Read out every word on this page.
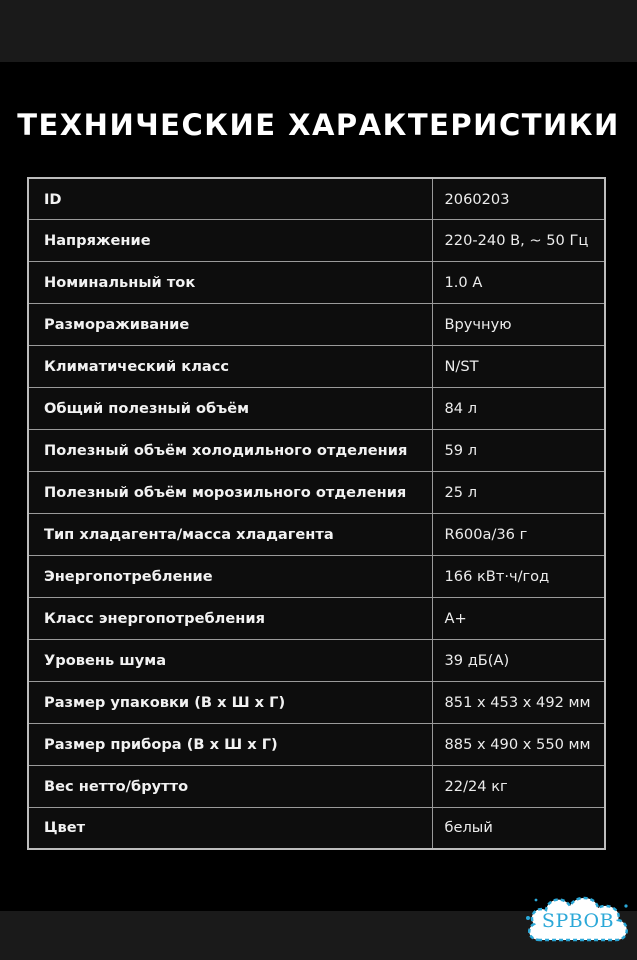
ТЕХНИЧЕСКИЕ ХАРАКТЕРИСТИКИ
ID	2060203
Напряжение	220-240 В, ~ 50 Гц
Номинальный ток	1.0 А
Размораживание	Вручную
Климатический класс	N/ST
Общий полезный объём	84 л
Полезный объём холодильного отделения	59 л
Полезный объём морозильного отделения	25 л
Тип хладагента/масса хладагента	R600a/36 г
Энергопотребление	166 кВт·ч/год
Класс энергопотребления	А+
Уровень шума	39 дБ(А)
Размер упаковки (В х Ш х Г)	851 х 453 х 492 мм
Размер прибора (В х Ш х Г)	885 х 490 х 550 мм
Вес нетто/брутто	22/24 кг
Цвет	белый
SPBOB
